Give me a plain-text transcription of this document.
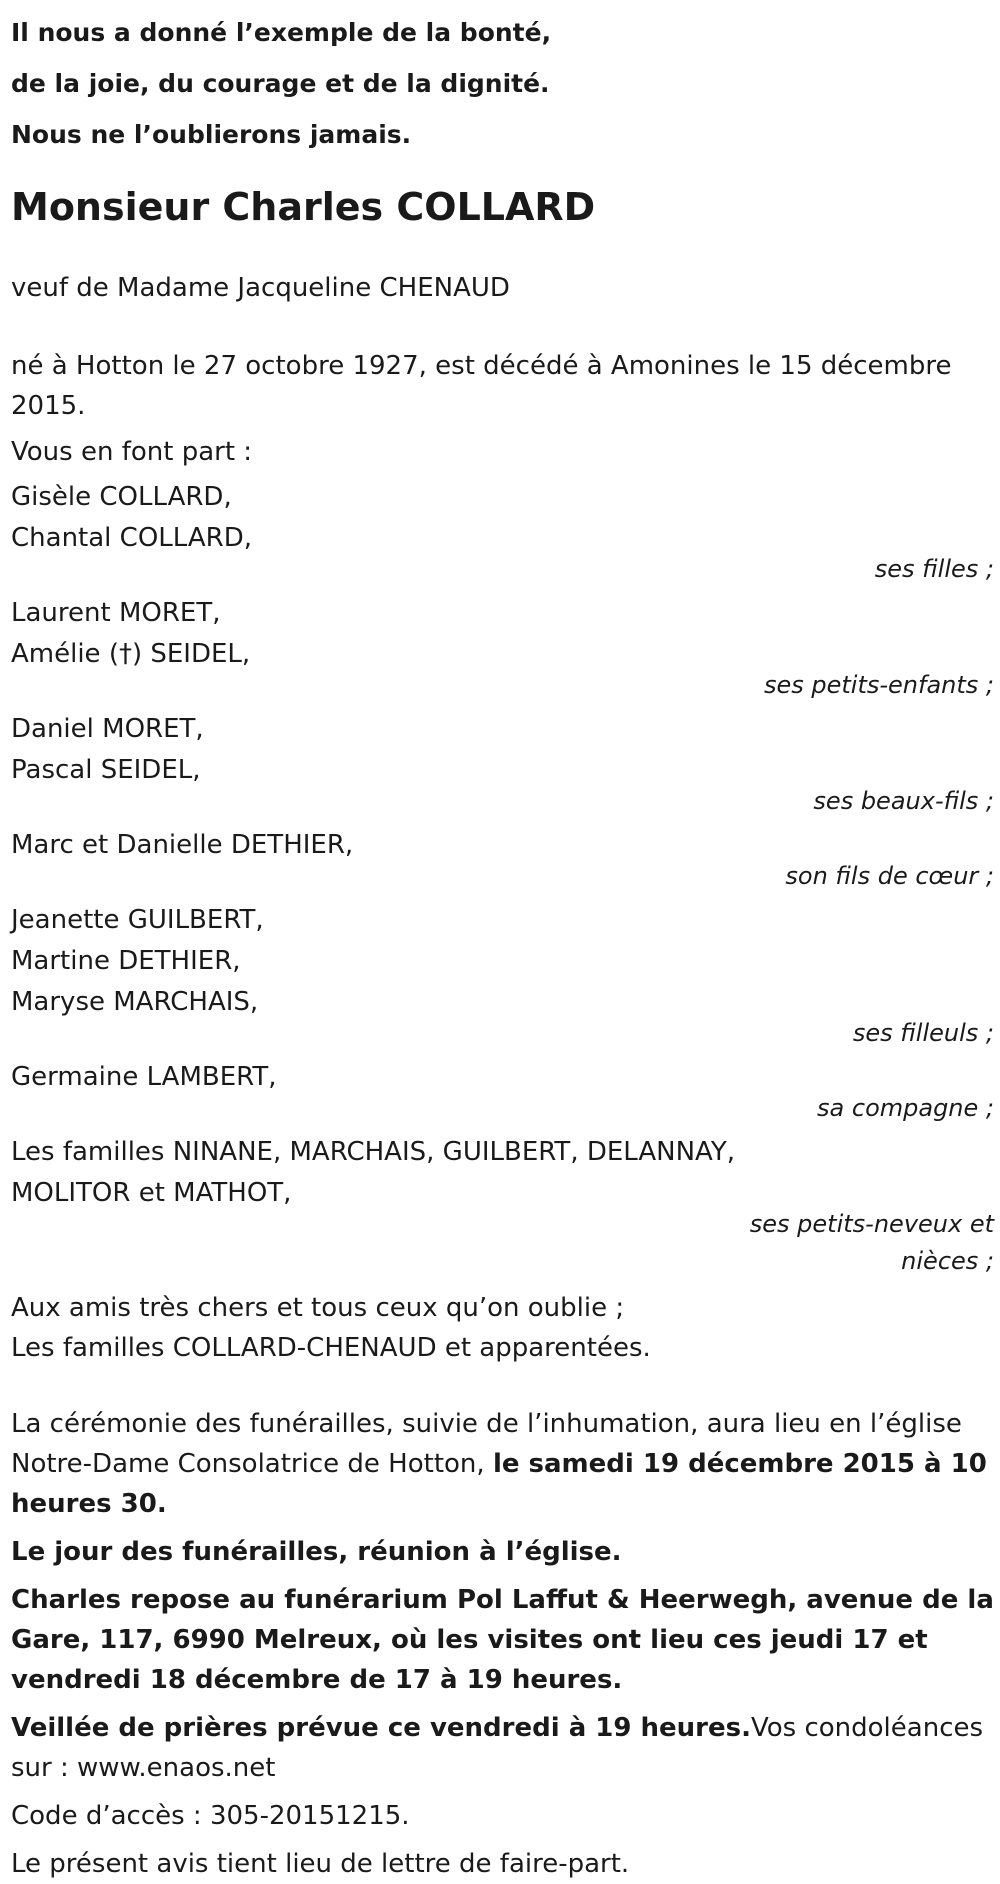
Il nous a donné l’exemple de la bonté,
de la joie, du courage et de la dignité.
Nous ne l’oublierons jamais.
Monsieur Charles COLLARD

veuf de Madame Jacqueline CHENAUD

né à Hotton le 27 octobre 1927, est décédé à Amonines le 15 décembre 2015.

Vous en font part :

Gisèle COLLARD,
Chantal COLLARD,
ses filles ;
Laurent MORET,
Amélie (†) SEIDEL,
ses petits-enfants ;
Daniel MORET,
Pascal SEIDEL,
ses beaux-fils ;
Marc et Danielle DETHIER,
son fils de cœur ;
Jeanette GUILBERT,
Martine DETHIER,
Maryse MARCHAIS,
ses filleuls ;
Germaine LAMBERT,
sa compagne ;
Les familles NINANE, MARCHAIS, GUILBERT, DELANNAY,
MOLITOR et MATHOT,
ses petits-neveux et nièces ;
Aux amis très chers et tous ceux qu’on oublie ;
Les familles COLLARD-CHENAUD et apparentées.

La cérémonie des funérailles, suivie de l’inhumation, aura lieu en l’église Notre-Dame Consolatrice de Hotton, le samedi 19 décembre 2015 à 10 heures 30.

Le jour des funérailles, réunion à l’église.

Charles repose au funérarium Pol Laffut & Heerwegh, avenue de la Gare, 117, 6990 Melreux, où les visites ont lieu ces jeudi 17 et vendredi 18 décembre de 17 à 19 heures.

Veillée de prières prévue ce vendredi à 19 heures.Vos condoléances sur : www.enaos.net

Code d’accès : 305-20151215.

Le présent avis tient lieu de lettre de faire-part.
